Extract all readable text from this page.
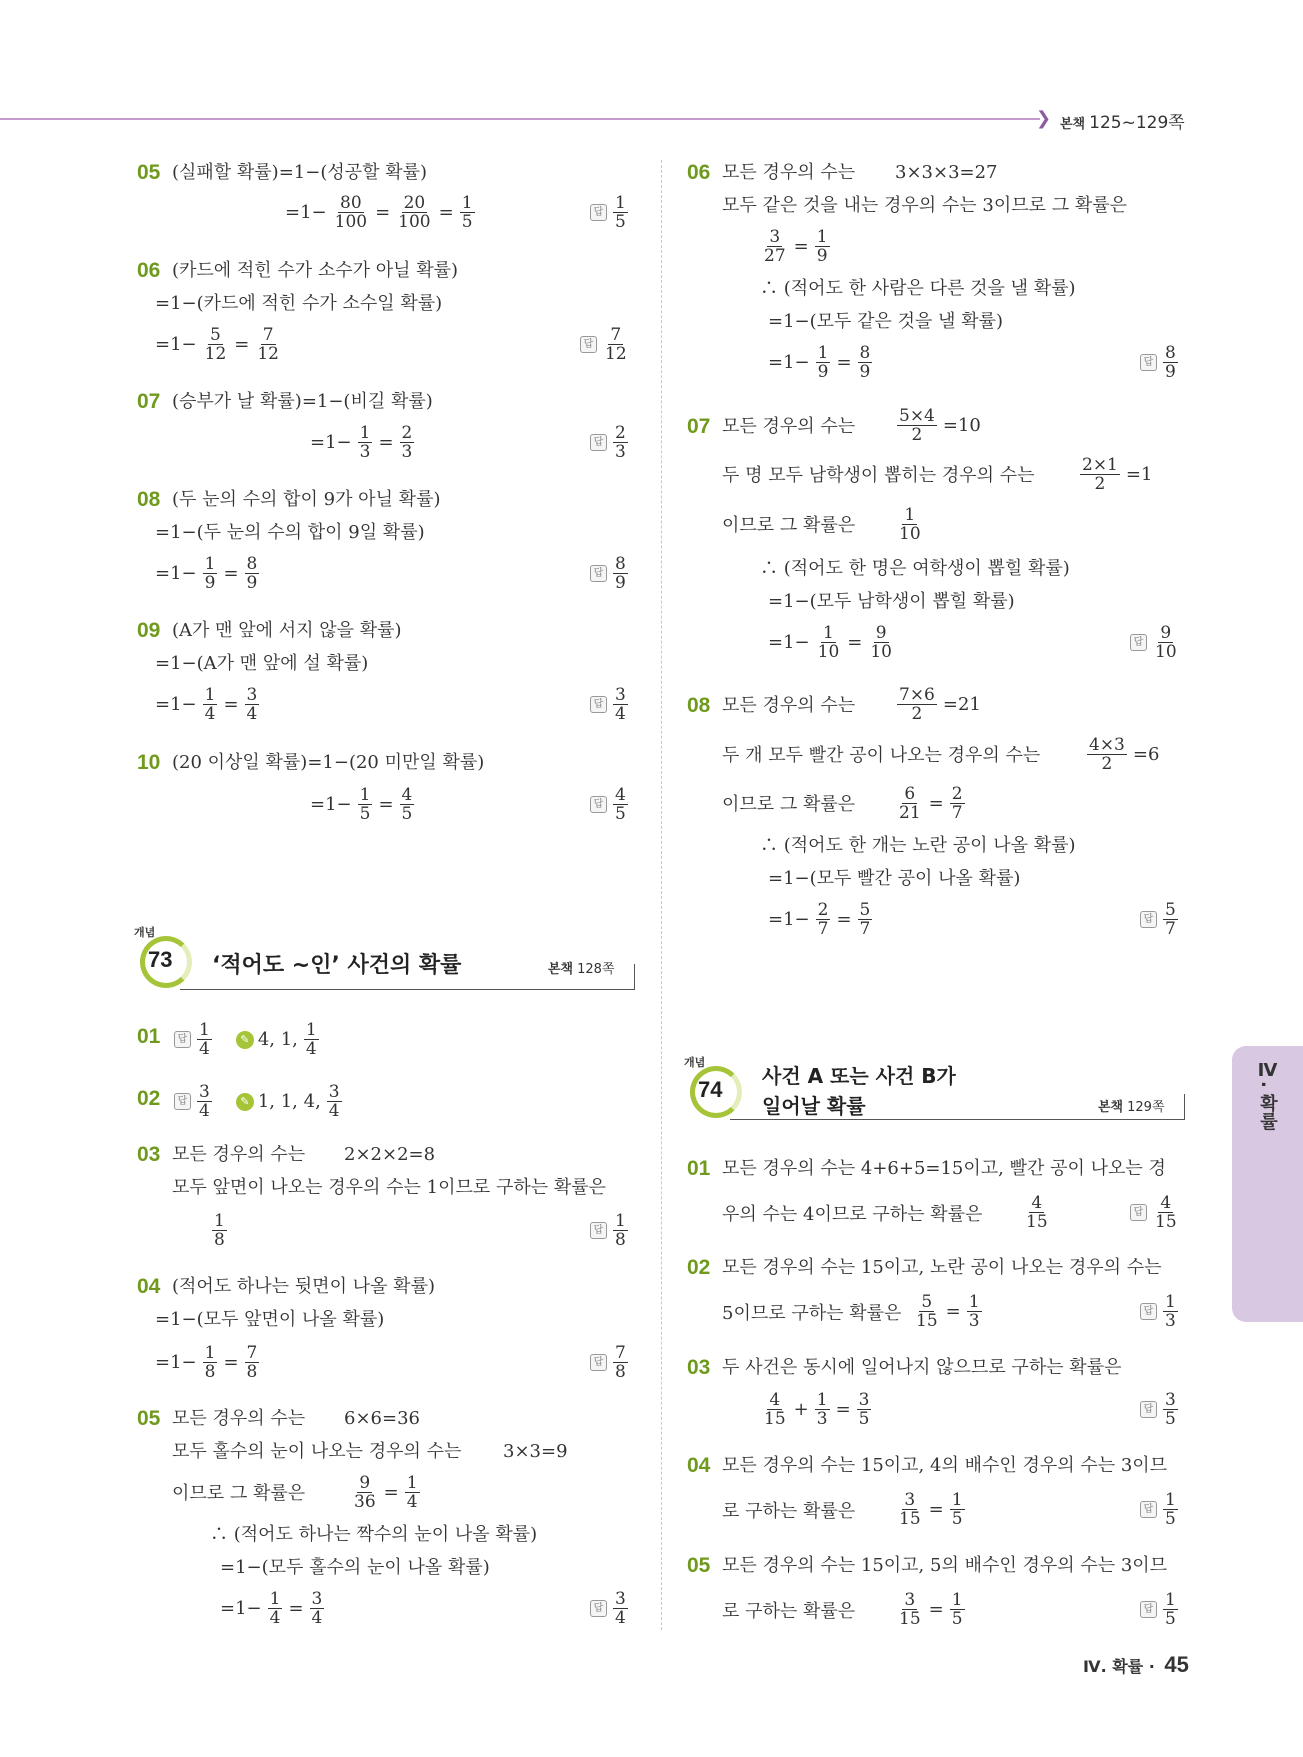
❯ 본책 125~129쪽
05 (실패할 확률)=1−(성공할 확률)
$=1- \frac{80}{100} = \frac{20}{100} = \frac{1}{5}$	답 $\frac{1}{5}$
06 (카드에 적힌 수가 소수가 아닐 확률)
=1−(카드에 적힌 수가 소수일 확률)
$=1- \frac{5}{12} = \frac{7}{12}$	답 $\frac{7}{12}$
07 (승부가 날 확률)=1−(비길 확률)
$=1- \frac{1}{3} = \frac{2}{3}$	답 $\frac{2}{3}$
08 (두 눈의 수의 합이 9가 아닐 확률)
=1−(두 눈의 수의 합이 9일 확률)
$=1- \frac{1}{9} = \frac{8}{9}$	답 $\frac{8}{9}$
09 (A가 맨 앞에 서지 않을 확률)
=1−(A가 맨 앞에 설 확률)
$=1- \frac{1}{4} = \frac{3}{4}$	답 $\frac{3}{4}$
10 (20 이상일 확률)=1−(20 미만일 확률)
$=1- \frac{1}{5} = \frac{4}{5}$	답 $\frac{4}{5}$
개념
73 ‘적어도 ~인’ 사건의 확률	본책 128쪽
01	답 $\frac{1}{4}$	✎ 4, 1, $\frac{1}{4}$
02	답 $\frac{3}{4}$	✎ 1, 1, 4, $\frac{3}{4}$
03 모든 경우의 수는 2×2×2=8
모두 앞면이 나오는 경우의 수는 1이므로 구하는 확률은
$\frac{1}{8}$	답 $\frac{1}{8}$
04 (적어도 하나는 뒷면이 나올 확률)
=1−(모두 앞면이 나올 확률)
$=1- \frac{1}{8} = \frac{7}{8}$	답 $\frac{7}{8}$
05 모든 경우의 수는 6×6=36
모두 홀수의 눈이 나오는 경우의 수는 3×3=9
이므로 그 확률은	$\frac{9}{36} = \frac{1}{4}$
∴ (적어도 하나는 짝수의 눈이 나올 확률)
=1−(모두 홀수의 눈이 나올 확률)
$=1- \frac{1}{4} = \frac{3}{4}$	답 $\frac{3}{4}$
06 모든 경우의 수는 3×3×3=27
모두 같은 것을 내는 경우의 수는 3이므로 그 확률은
$\frac{3}{27} = \frac{1}{9}$
∴ (적어도 한 사람은 다른 것을 낼 확률)
=1−(모두 같은 것을 낼 확률)
$=1- \frac{1}{9} = \frac{8}{9}$	답 $\frac{8}{9}$
07 모든 경우의 수는 $\frac{5\times 4}{2} =10$
두 명 모두 남학생이 뽑히는 경우의 수는	$\frac{2\times 1}{2} =1$
이므로 그 확률은 $\frac{1}{10}$
∴ (적어도 한 명은 여학생이 뽑힐 확률)
=1−(모두 남학생이 뽑힐 확률)
$=1- \frac{1}{10} = \frac{9}{10}$	답 $\frac{9}{10}$
08 모든 경우의 수는 $\frac{7\times 6}{2} =21$
두 개 모두 빨간 공이 나오는 경우의 수는	$\frac{4\times 3}{2} =6$
이므로 그 확률은 $\frac{6}{21} = \frac{2}{7}$
∴ (적어도 한 개는 노란 공이 나올 확률)
=1−(모두 빨간 공이 나올 확률)
$=1- \frac{2}{7} = \frac{5}{7}$	답 $\frac{5}{7}$
개념
74
사건 A 또는 사건 B가
일어날 확률	본책 129쪽
01 모든 경우의 수는 4+6+5=15이고, 빨간 공이 나오는 경
우의 수는 4이므로 구하는 확률은 $\frac{4}{15}$	답 $\frac{4}{15}$
02 모든 경우의 수는 15이고, 노란 공이 나오는 경우의 수는
5이므로 구하는 확률은 $\frac{5}{15} = \frac{1}{3}$	답 $\frac{1}{3}$
03 두 사건은 동시에 일어나지 않으므로 구하는 확률은
$\frac{4}{15} + \frac{1}{3} = \frac{3}{5}$	답 $\frac{3}{5}$
04 모든 경우의 수는 15이고, 4의 배수인 경우의 수는 3이므
로 구하는 확률은 $\frac{3}{15} = \frac{1}{5}$	답 $\frac{1}{5}$
05 모든 경우의 수는 15이고, 5의 배수인 경우의 수는 3이므
로 구하는 확률은 $\frac{3}{15} = \frac{1}{5}$	답 $\frac{1}{5}$
Ⅳ. 확률
Ⅳ. 확률 · 45
